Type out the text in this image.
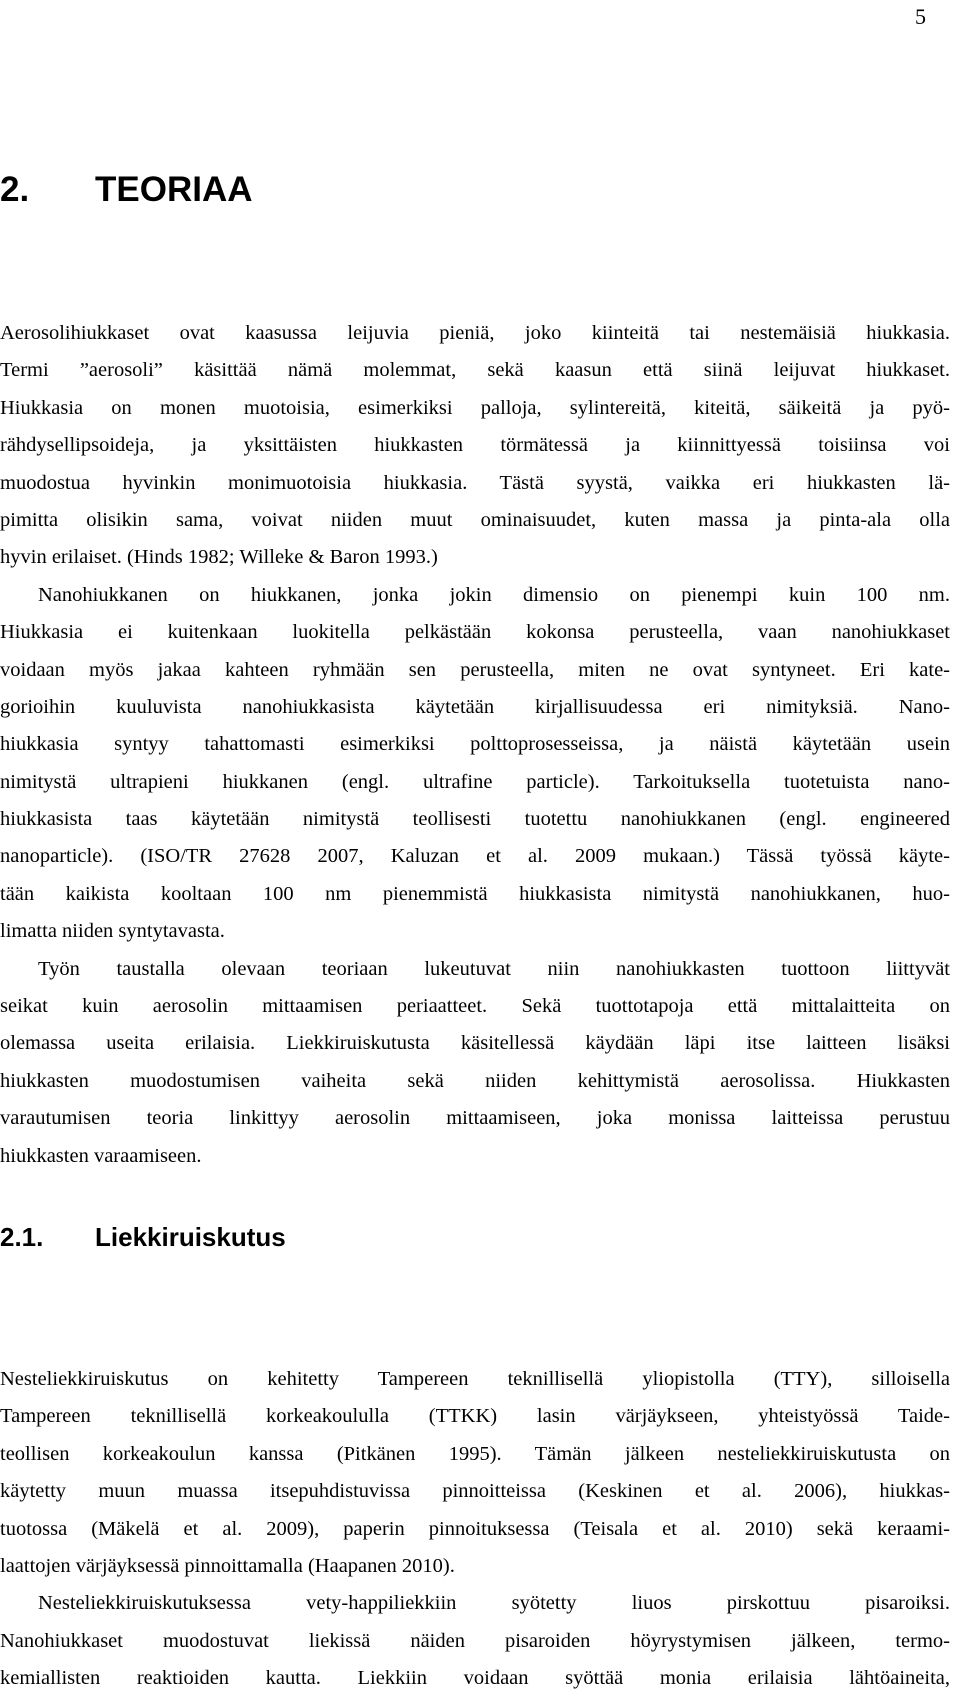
5
2. TEORIAA
Aerosolihiukkaset ovat kaasussa leijuvia pieniä, joko kiinteitä tai nestemäisiä hiukkasia.
Termi ”aerosoli” käsittää nämä molemmat, sekä kaasun että siinä leijuvat hiukkaset.
Hiukkasia on monen muotoisia, esimerkiksi palloja, sylintereitä, kiteitä, säikeitä ja pyö-
rähdysellipsoideja, ja yksittäisten hiukkasten törmätessä ja kiinnittyessä toisiinsa voi
muodostua hyvinkin monimuotoisia hiukkasia. Tästä syystä, vaikka eri hiukkasten lä-
pimitta olisikin sama, voivat niiden muut ominaisuudet, kuten massa ja pinta-ala olla
hyvin erilaiset. (Hinds 1982; Willeke & Baron 1993.)
Nanohiukkanen on hiukkanen, jonka jokin dimensio on pienempi kuin 100 nm.
Hiukkasia ei kuitenkaan luokitella pelkästään kokonsa perusteella, vaan nanohiukkaset
voidaan myös jakaa kahteen ryhmään sen perusteella, miten ne ovat syntyneet. Eri kate-
gorioihin kuuluvista nanohiukkasista käytetään kirjallisuudessa eri nimityksiä. Nano-
hiukkasia syntyy tahattomasti esimerkiksi polttoprosesseissa, ja näistä käytetään usein
nimitystä ultrapieni hiukkanen (engl. ultrafine particle). Tarkoituksella tuotetuista nano-
hiukkasista taas käytetään nimitystä teollisesti tuotettu nanohiukkanen (engl. engineered
nanoparticle). (ISO/TR 27628 2007, Kaluzan et al. 2009 mukaan.) Tässä työssä käyte-
tään kaikista kooltaan 100 nm pienemmistä hiukkasista nimitystä nanohiukkanen, huo-
limatta niiden syntytavasta.
Työn taustalla olevaan teoriaan lukeutuvat niin nanohiukkasten tuottoon liittyvät
seikat kuin aerosolin mittaamisen periaatteet. Sekä tuottotapoja että mittalaitteita on
olemassa useita erilaisia. Liekkiruiskutusta käsitellessä käydään läpi itse laitteen lisäksi
hiukkasten muodostumisen vaiheita sekä niiden kehittymistä aerosolissa. Hiukkasten
varautumisen teoria linkittyy aerosolin mittaamiseen, joka monissa laitteissa perustuu
hiukkasten varaamiseen.
2.1. Liekkiruiskutus
Nesteliekkiruiskutus on kehitetty Tampereen teknillisellä yliopistolla (TTY), silloisella
Tampereen teknillisellä korkeakoululla (TTKK) lasin värjäykseen, yhteistyössä Taide-
teollisen korkeakoulun kanssa (Pitkänen 1995). Tämän jälkeen nesteliekkiruiskutusta on
käytetty muun muassa itsepuhdistuvissa pinnoitteissa (Keskinen et al. 2006), hiukkas-
tuotossa (Mäkelä et al. 2009), paperin pinnoituksessa (Teisala et al. 2010) sekä keraami-
laattojen värjäyksessä pinnoittamalla (Haapanen 2010).
Nesteliekkiruiskutuksessa vety-happiliekkiin syötetty liuos pirskottuu pisaroiksi.
Nanohiukkaset muodostuvat liekissä näiden pisaroiden höyrystymisen jälkeen, termo-
kemiallisten reaktioiden kautta. Liekkiin voidaan syöttää monia erilaisia lähtöaineita,
